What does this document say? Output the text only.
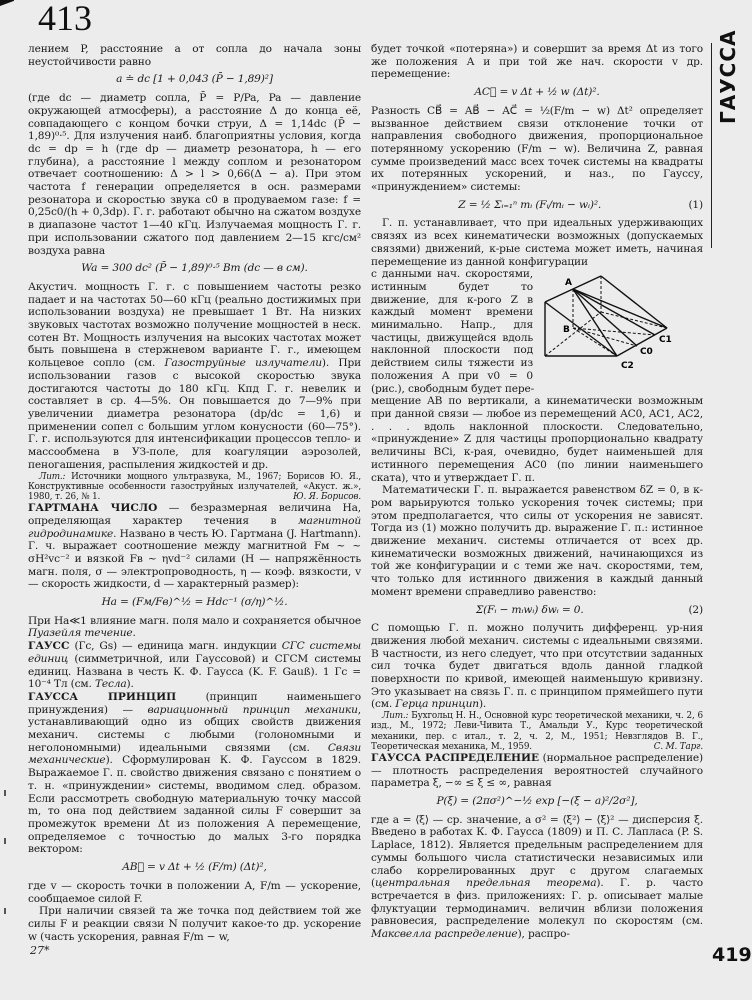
413

лением P, расстояние a от сопла до начала зоны неустойчивости равно

a ≐ dc [1 + 0,043 (P̄ − 1,89)²]

(где dc — диаметр сопла, P̄ = P/Pa, Pa — давление окружающей атмосферы), а расстояние Δ до конца её, совпадающего с концом бочки струи, Δ = 1,14dc (P̄ − 1,89)⁰·⁵. Для излучения наиб. благоприятны условия, когда dc = dp = h (где dp — диаметр резонатора, h — его глубина), а расстояние l между соплом и резонатором отвечает соотношению: Δ > l > 0,66(Δ − a). При этом частота f генерации определяется в осн. размерами резонатора и скоростью звука c0 в продуваемом газе: f = 0,25c0/(h + 0,3dp). Г. г. работают обычно на сжатом воздухе в диапазоне частот 1—40 кГц. Излучаемая мощность Г. г. при использовании сжатого под давлением 2—15 кгс/см² воздуха равна

Wa = 300 dc² (P̄ − 1,89)⁰·⁵ Вт (dc — в см).

Акустич. мощность Г. г. с повышением частоты резко падает и на частотах 50—60 кГц (реально достижимых при использовании воздуха) не превышает 1 Вт. На низких звуковых частотах возможно получение мощностей в неск. сотен Вт. Мощность излучения на высоких частотах может быть повышена в стержневом варианте Г. г., имеющем кольцевое сопло (см. Газоструйные излучатели). При использовании газов с высокой скоростью звука достигаются частоты до 180 кГц. Кпд Г. г. невелик и составляет в ср. 4—5%. Он повышается до 7—9% при увеличении диаметра резонатора (dp/dc = 1,6) и применении сопел с большим углом конусности (60—75°). Г. г. используются для интенсификации процессов тепло- и массообмена в УЗ-поле, для коагуляции аэрозолей, пеногашения, распыления жидкостей и др.

Лит.: Источники мощного ультразвука, М., 1967; Борисов Ю. Я., Конструктивные особенности газоструйных излучателей, «Акуст. ж.», 1980, т. 26, № 1.	Ю. Я. Борисов.

ГАРТМАНА ЧИСЛО — безразмерная величина Ha, определяющая характер течения в магнитной гидродинамике. Названо в честь Ю. Гартмана (J. Hartmann). Г. ч. выражает соотношение между магнитной Fм ~ ~ σH²vc⁻² и вязкой Fв ~ ηvd⁻² силами (H — напряжённость магн. поля, σ — электропроводность, η — коэф. вязкости, v — скорость жидкости, d — характерный размер):

Ha = (Fм/Fв)^½ = Hdc⁻¹ (σ/η)^½.

При Ha≪1 влияние магн. поля мало и сохраняется обычное Пуазейля течение.

ГАУСС (Гс, Gs) — единица магн. индукции СГС системы единиц (симметричной, или Гауссовой) и СГСМ системы единиц. Названа в честь К. Ф. Гаусса (K. F. Gauß). 1 Гс = 10⁻⁴ Тл (см. Тесла).

ГАУССА ПРИНЦИП (принцип наименьшего принуждения) — вариационный принцип механики, устанавливающий одно из общих свойств движения механич. системы с любыми (голономными и неголономными) идеальными связями (см. Связи механические). Сформулирован К. Ф. Гауссом в 1829. Выражаемое Г. п. свойство движения связано с понятием о т. н. «принуждении» системы, вводимом след. образом. Если рассмотреть свободную материальную точку массой m, то она под действием заданной силы F совершит за промежуток времени Δt из положения A перемещение, определяемое с точностью до малых 3-го порядка вектором:

AB⃗ = v Δt + ½ (F/m) (Δt)²,

где v — скорость точки в положении A, F/m — ускорение, сообщаемое силой F.

При наличии связей та же точка под действием той же силы F и реакции связи N получит какое-то др. ускорение w (часть ускорения, равная F/m − w,

будет точкой «потеряна») и совершит за время Δt из того же положения A и при той же нач. скорости v др. перемещение:

AC⃗ = v Δt + ½ w (Δt)².

Разность CB⃗ = AB⃗ − AC⃗ = ½(F/m − w) Δt² определяет вызванное действием связи отклонение точки от направления свободного движения, пропорциональное потерянному ускорению (F/m − w). Величина Z, равная сумме произведений масс всех точек системы на квадраты их потерянных ускорений, и наз., по Гауссу, «принуждением» системы:

Z = ½ Σᵢ₌₁ⁿ mᵢ (Fᵢ/mᵢ − wᵢ)².	(1)

Г. п. устанавливает, что при идеальных удерживающих связях из всех кинематически возможных (допускаемых связями) движений, к-рые система может иметь, начиная перемещение из данной конфигурации

A
B
C0
C1
C2

с данными нач. скоростями, истинным будет то движение, для к-рого Z в каждый момент времени минимально. Напр., для частицы, движущейся вдоль наклонной плоскости под действием силы тяжести из положения A при v0 = 0 (рис.), свободным будет пере-

мещение AB по вертикали, а кинематически возможным при данной связи — любое из перемещений AC0, AC1, AC2, . . . вдоль наклонной плоскости. Следовательно, «принуждение» Z для частицы пропорционально квадрату величины BCi, к-рая, очевидно, будет наименьшей для истинного перемещения AC0 (по линии наименьшего ската), что и утверждает Г. п.

Математически Г. п. выражается равенством δZ = 0, в к-ром варьируются только ускорения точек системы; при этом предполагается, что силы от ускорения не зависят. Тогда из (1) можно получить др. выражение Г. п.: истинное движение механич. системы отличается от всех др. кинематически возможных движений, начинающихся из той же конфигурации и с теми же нач. скоростями, тем, что только для истинного движения в каждый данный момент времени справедливо равенство:

Σ(Fᵢ − mᵢwᵢ) δwᵢ = 0.	(2)

С помощью Г. п. можно получить дифференц. ур-ния движения любой механич. системы с идеальными связями. В частности, из него следует, что при отсутствии заданных сил точка будет двигаться вдоль данной гладкой поверхности по кривой, имеющей наименьшую кривизну. Это указывает на связь Г. п. с принципом прямейшего пути (см. Герца принцип).

Лит.: Бухгольц Н. Н., Основной курс теоретической механики, ч. 2, 6 изд., М., 1972; Леви-Чивита Т., Амальди У., Курс теоретической механики, пер. с итал., т. 2, ч. 2, М., 1951; Невзглядов В. Г., Теоретическая механика, М., 1959.	С. М. Тарг.

ГАУССА РАСПРЕДЕЛЕНИЕ (нормальное распределение) — плотность распределения вероятностей случайного параметра ξ, −∞ ≤ ξ ≤ ∞, равная

P(ξ) = (2πσ²)^−½ exp [−(ξ − a)²/2σ²],

где a = ⟨ξ⟩ — ср. значение, а σ² = ⟨ξ²⟩ − ⟨ξ⟩² — дисперсия ξ. Введено в работах К. Ф. Гаусса (1809) и П. С. Лапласа (P. S. Laplace, 1812). Является предельным распределением для суммы большого числа статистически независимых или слабо коррелированных друг с другом слагаемых (центральная предельная теорема). Г. р. часто встречается в физ. приложениях: Г. р. описывает малые флуктуации термодинамич. величин вблизи положения равновесия, распределение молекул по скоростям (см. Максвелла распределение), распро-

ГАУССА
419
27*
